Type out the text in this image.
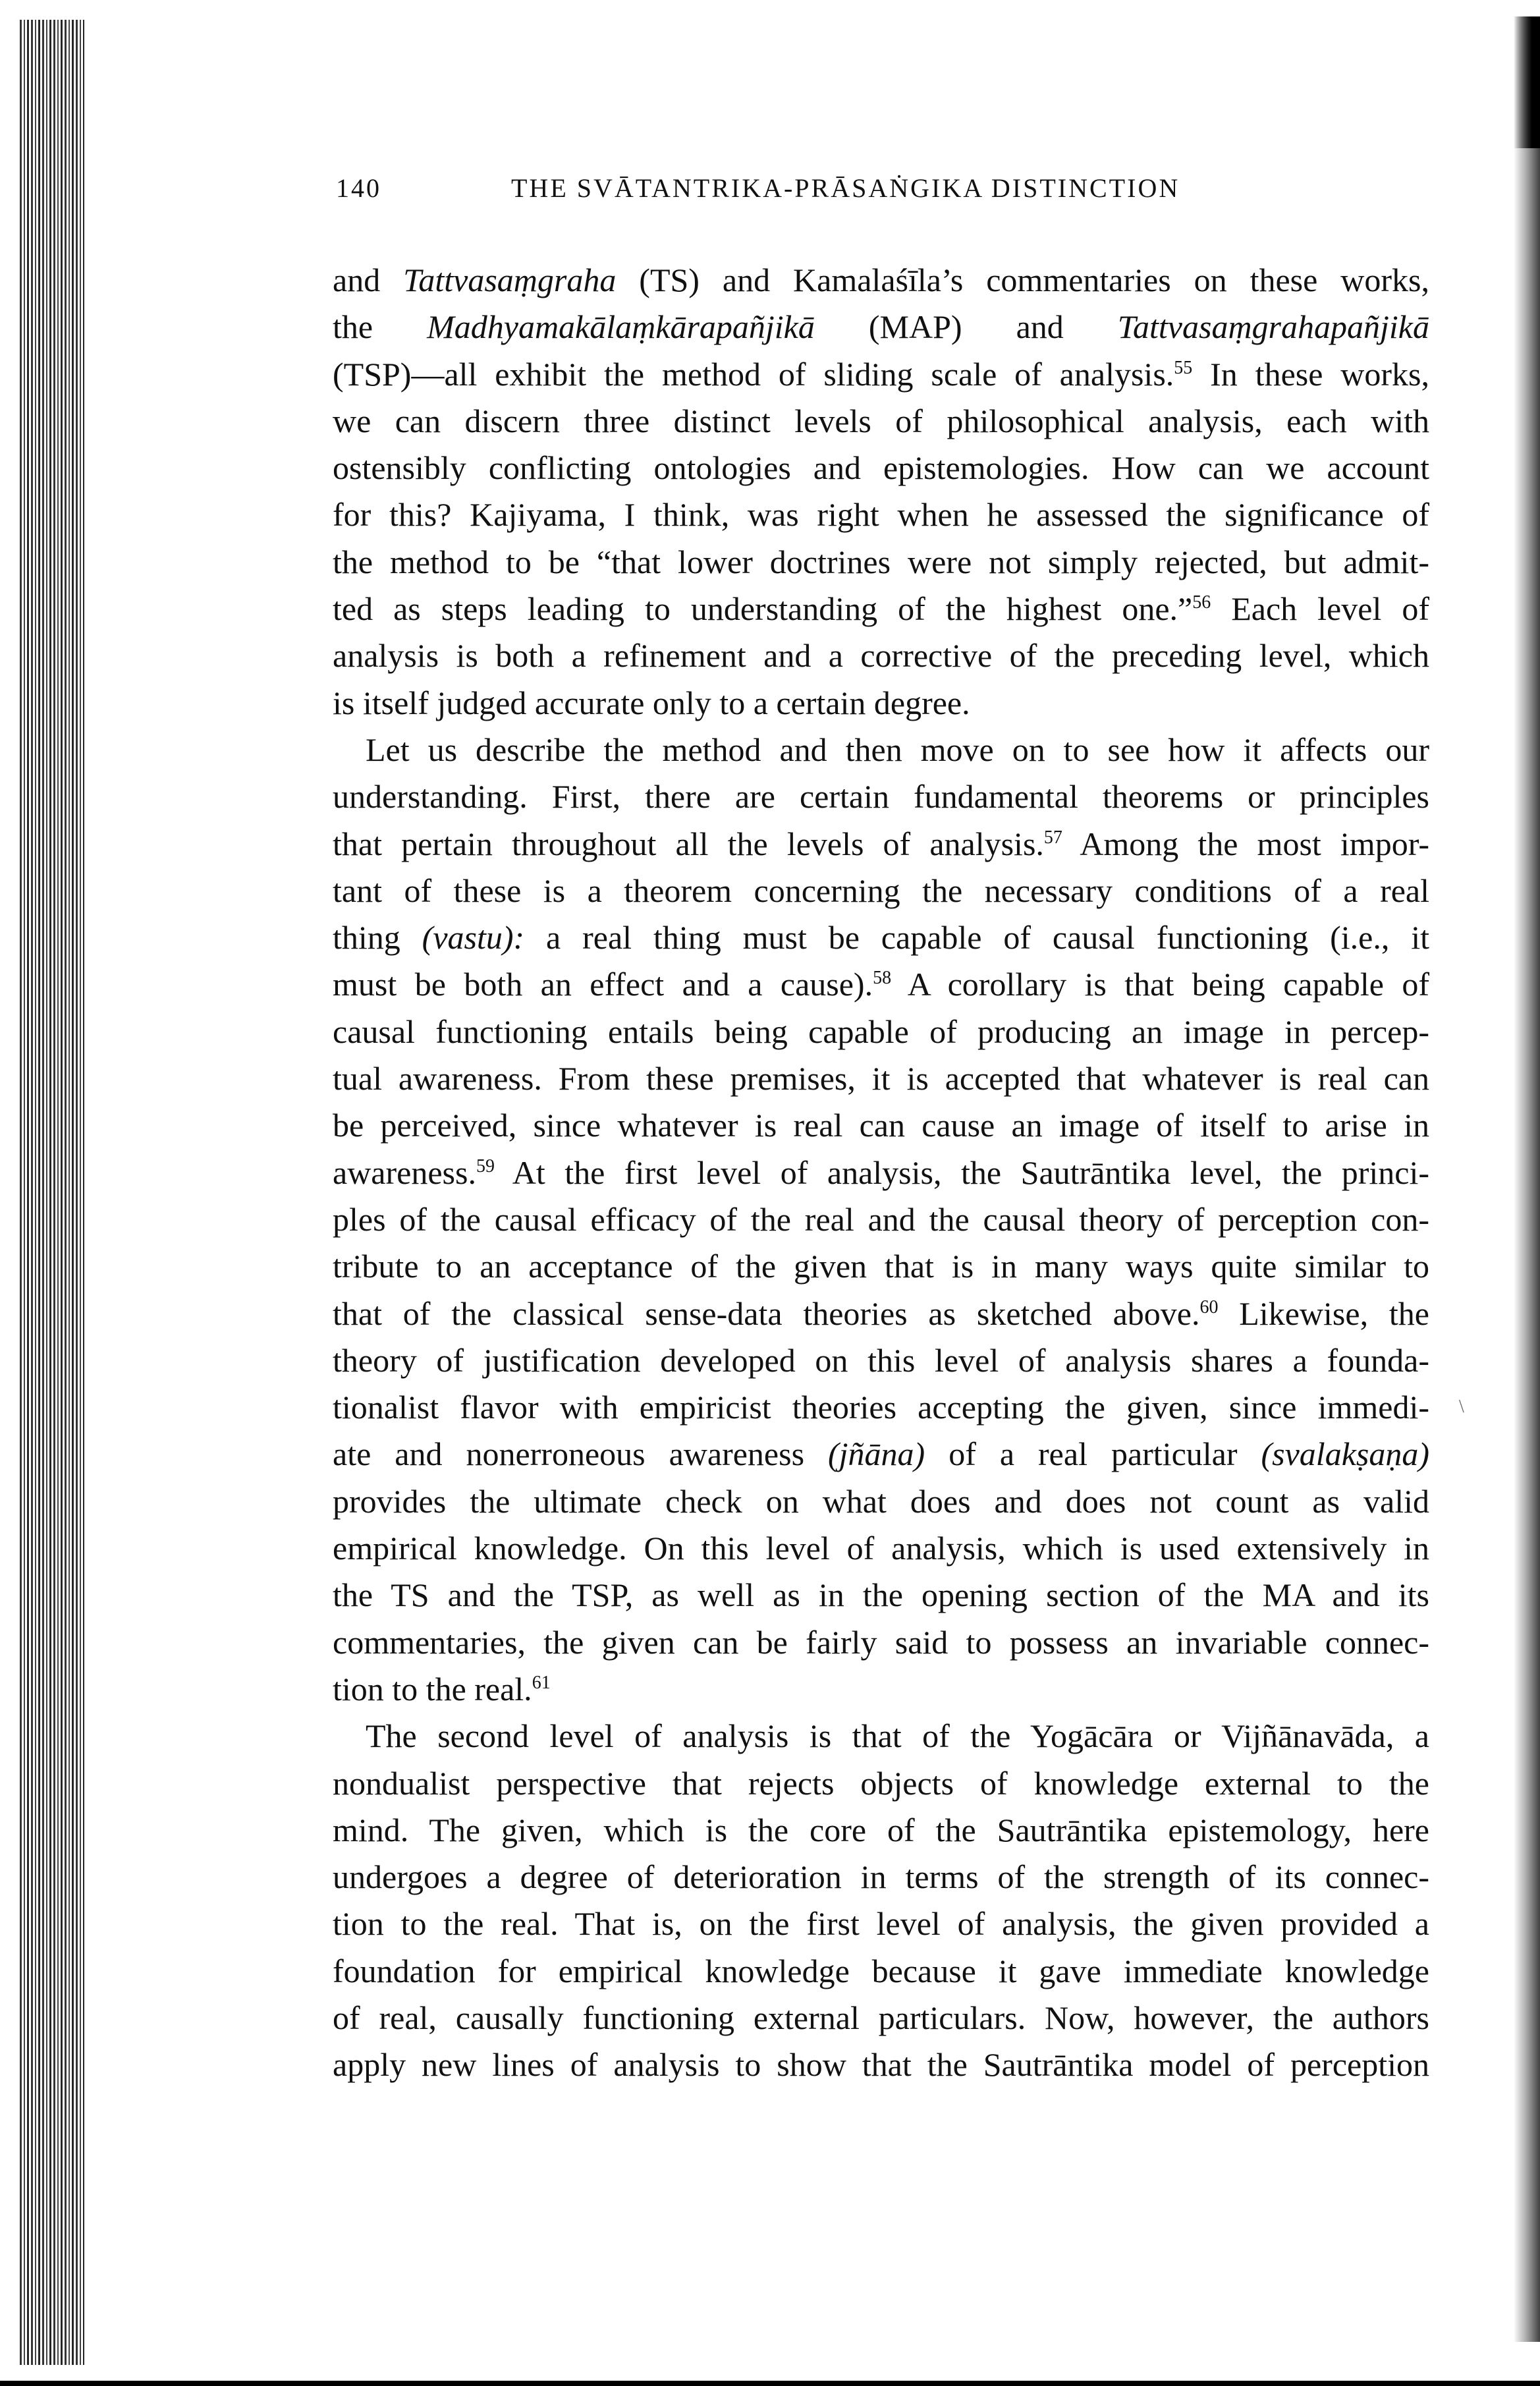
140	THE SVĀTANTRIKA-PRĀSAṄGIKA DISTINCTION
and Tattvasaṃgraha (TS) and Kamalaśīla’s commentaries on these works,
the Madhyamakālaṃkārapañjikā (MAP) and Tattvasaṃgrahapañjikā
(TSP)—all exhibit the method of sliding scale of analysis.$^{55}$ In these works,
we can discern three distinct levels of philosophical analysis, each with
ostensibly conflicting ontologies and epistemologies. How can we account
for this? Kajiyama, I think, was right when he assessed the significance of
the method to be “that lower doctrines were not simply rejected, but admit-
ted as steps leading to understanding of the highest one.”$^{56}$ Each level of
analysis is both a refinement and a corrective of the preceding level, which
is itself judged accurate only to a certain degree.
Let us describe the method and then move on to see how it affects our
understanding. First, there are certain fundamental theorems or principles
that pertain throughout all the levels of analysis.$^{57}$ Among the most impor-
tant of these is a theorem concerning the necessary conditions of a real
thing (vastu): a real thing must be capable of causal functioning (i.e., it
must be both an effect and a cause).$^{58}$ A corollary is that being capable of
causal functioning entails being capable of producing an image in percep-
tual awareness. From these premises, it is accepted that whatever is real can
be perceived, since whatever is real can cause an image of itself to arise in
awareness.$^{59}$ At the first level of analysis, the Sautrāntika level, the princi-
ples of the causal efficacy of the real and the causal theory of perception con-
tribute to an acceptance of the given that is in many ways quite similar to
that of the classical sense-data theories as sketched above.$^{60}$ Likewise, the
theory of justification developed on this level of analysis shares a founda-
tionalist flavor with empiricist theories accepting the given, since immedi-
ate and nonerroneous awareness (jñāna) of a real particular (svalakṣaṇa)
provides the ultimate check on what does and does not count as valid
empirical knowledge. On this level of analysis, which is used extensively in
the TS and the TSP, as well as in the opening section of the MA and its
commentaries, the given can be fairly said to possess an invariable connec-
tion to the real.$^{61}$
The second level of analysis is that of the Yogācāra or Vijñānavāda, a
nondualist perspective that rejects objects of knowledge external to the
mind. The given, which is the core of the Sautrāntika epistemology, here
undergoes a degree of deterioration in terms of the strength of its connec-
tion to the real. That is, on the first level of analysis, the given provided a
foundation for empirical knowledge because it gave immediate knowledge
of real, causally functioning external particulars. Now, however, the authors
apply new lines of analysis to show that the Sautrāntika model of perception
\
